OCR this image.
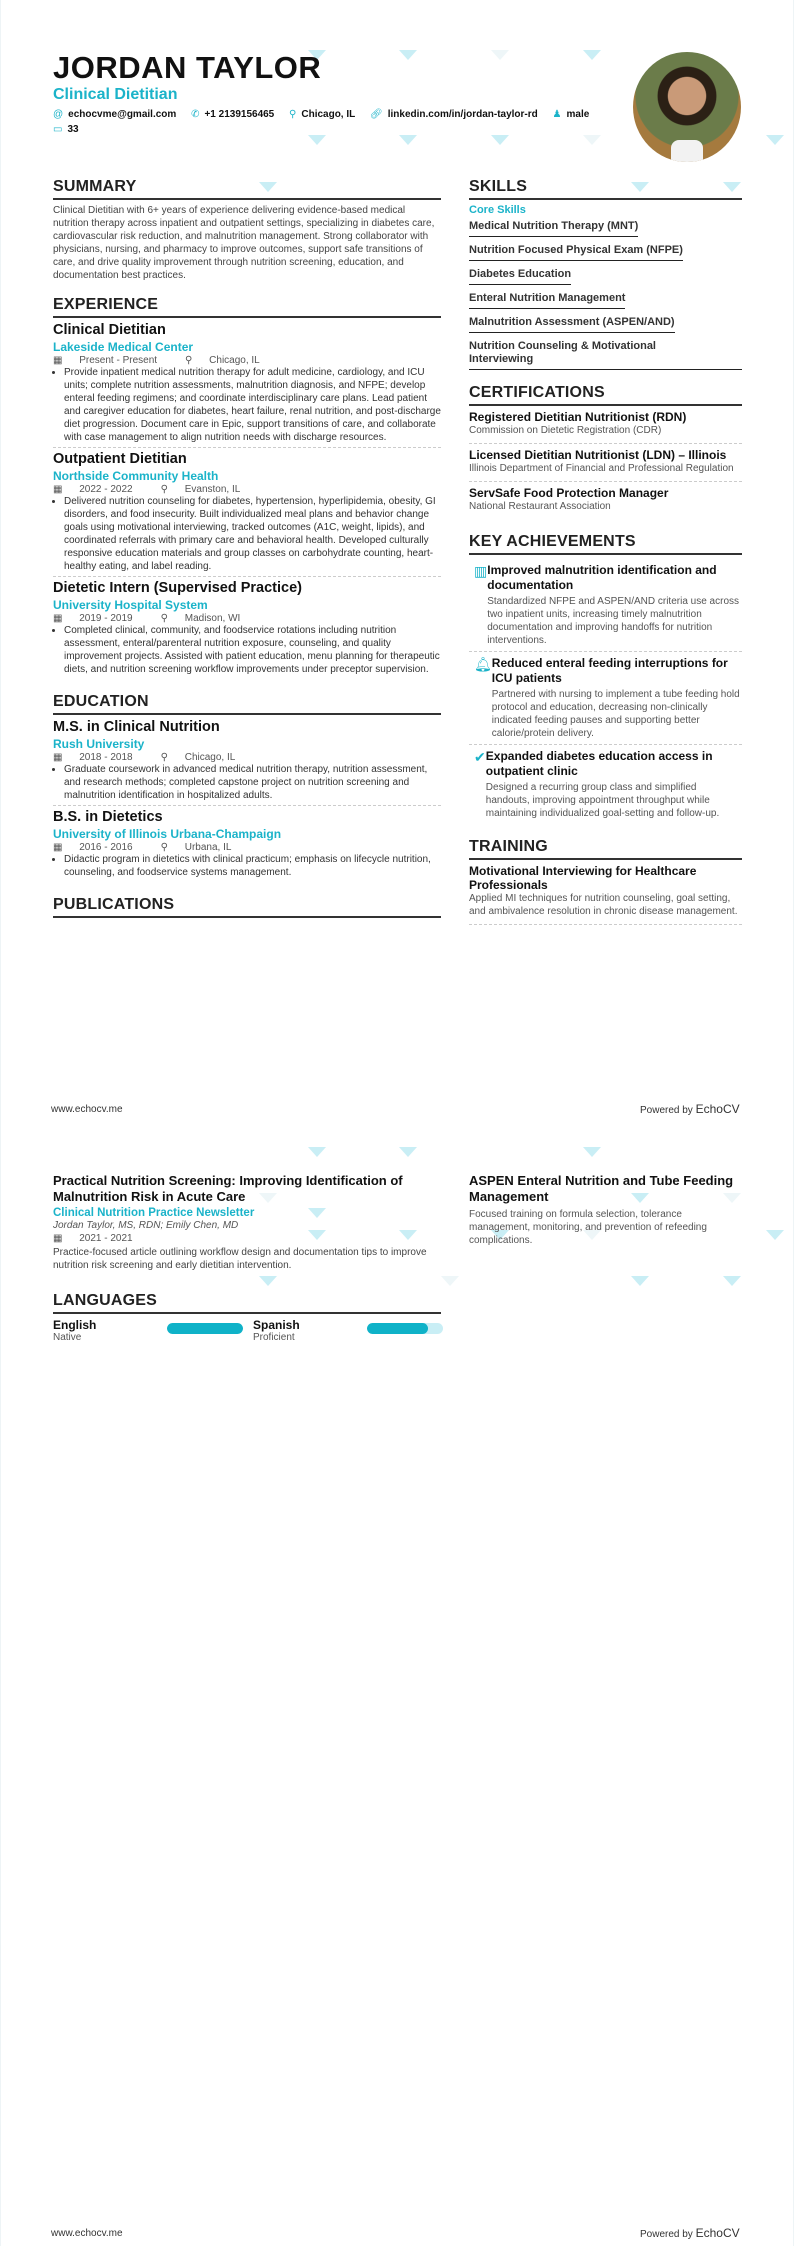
JORDAN TAYLOR
Clinical Dietitian
@ echocvme@gmail.com ✆ +1 2139156465 ⚲ Chicago, IL 🔗︎ linkedin.com/in/jordan-taylor-rd ♟ male
▭ 33
SUMMARY
Clinical Dietitian with 6+ years of experience delivering evidence-based medical nutrition therapy across inpatient and outpatient settings, specializing in diabetes care, cardiovascular risk reduction, and malnutrition management. Strong collaborator with physicians, nursing, and pharmacy to improve outcomes, support safe transitions of care, and drive quality improvement through nutrition screening, education, and documentation best practices.
EXPERIENCE
Clinical Dietitian
Lakeside Medical Center
▦ Present - Present	⚲ Chicago, IL
• Provide inpatient medical nutrition therapy for adult medicine, cardiology, and ICU units; complete nutrition assessments, malnutrition diagnosis, and NFPE; develop enteral feeding regimens; and coordinate interdisciplinary care plans. Lead patient and caregiver education for diabetes, heart failure, renal nutrition, and post-discharge diet progression. Document care in Epic, support transitions of care, and collaborate with case management to align nutrition needs with discharge resources.
Outpatient Dietitian
Northside Community Health
▦ 2022 - 2022	⚲ Evanston, IL
• Delivered nutrition counseling for diabetes, hypertension, hyperlipidemia, obesity, GI disorders, and food insecurity. Built individualized meal plans and behavior change goals using motivational interviewing, tracked outcomes (A1C, weight, lipids), and coordinated referrals with primary care and behavioral health. Developed culturally responsive education materials and group classes on carbohydrate counting, heart-healthy eating, and label reading.
Dietetic Intern (Supervised Practice)
University Hospital System
▦ 2019 - 2019	⚲ Madison, WI
• Completed clinical, community, and foodservice rotations including nutrition assessment, enteral/parenteral nutrition exposure, counseling, and quality improvement projects. Assisted with patient education, menu planning for therapeutic diets, and nutrition screening workflow improvements under preceptor supervision.
EDUCATION
M.S. in Clinical Nutrition
Rush University
▦ 2018 - 2018	⚲ Chicago, IL
• Graduate coursework in advanced medical nutrition therapy, nutrition assessment, and research methods; completed capstone project on nutrition screening and malnutrition identification in hospitalized adults.
B.S. in Dietetics
University of Illinois Urbana-Champaign
▦ 2016 - 2016	⚲ Urbana, IL
• Didactic program in dietetics with clinical practicum; emphasis on lifecycle nutrition, counseling, and foodservice systems management.
PUBLICATIONS
SKILLS
Core Skills
Medical Nutrition Therapy (MNT)
Nutrition Focused Physical Exam (NFPE)
Diabetes Education
Enteral Nutrition Management
Malnutrition Assessment (ASPEN/AND)
Nutrition Counseling & Motivational Interviewing
CERTIFICATIONS
Registered Dietitian Nutritionist (RDN)
Commission on Dietetic Registration (CDR)
Licensed Dietitian Nutritionist (LDN) – Illinois
Illinois Department of Financial and Professional Regulation
ServSafe Food Protection Manager
National Restaurant Association
KEY ACHIEVEMENTS
▥ Improved malnutrition identification and documentation
Standardized NFPE and ASPEN/AND criteria use across two inpatient units, increasing timely malnutrition documentation and improving handoffs for nutrition interventions.
🔔︎ Reduced enteral feeding interruptions for ICU patients
Partnered with nursing to implement a tube feeding hold protocol and education, decreasing non-clinically indicated feeding pauses and supporting better calorie/protein delivery.
✔ Expanded diabetes education access in outpatient clinic
Designed a recurring group class and simplified handouts, improving appointment throughput while maintaining individualized goal-setting and follow-up.
TRAINING
Motivational Interviewing for Healthcare Professionals
Applied MI techniques for nutrition counseling, goal setting, and ambivalence resolution in chronic disease management.
www.echocv.me	Powered by EchoCV
Practical Nutrition Screening: Improving Identification of Malnutrition Risk in Acute Care
Clinical Nutrition Practice Newsletter
Jordan Taylor, MS, RDN; Emily Chen, MD
▦ 2021 - 2021
Practice-focused article outlining workflow design and documentation tips to improve nutrition risk screening and early dietitian intervention.
LANGUAGES
English
Native
Spanish
Proficient
ASPEN Enteral Nutrition and Tube Feeding Management
Focused training on formula selection, tolerance management, monitoring, and prevention of refeeding complications.
www.echocv.me	Powered by EchoCV
